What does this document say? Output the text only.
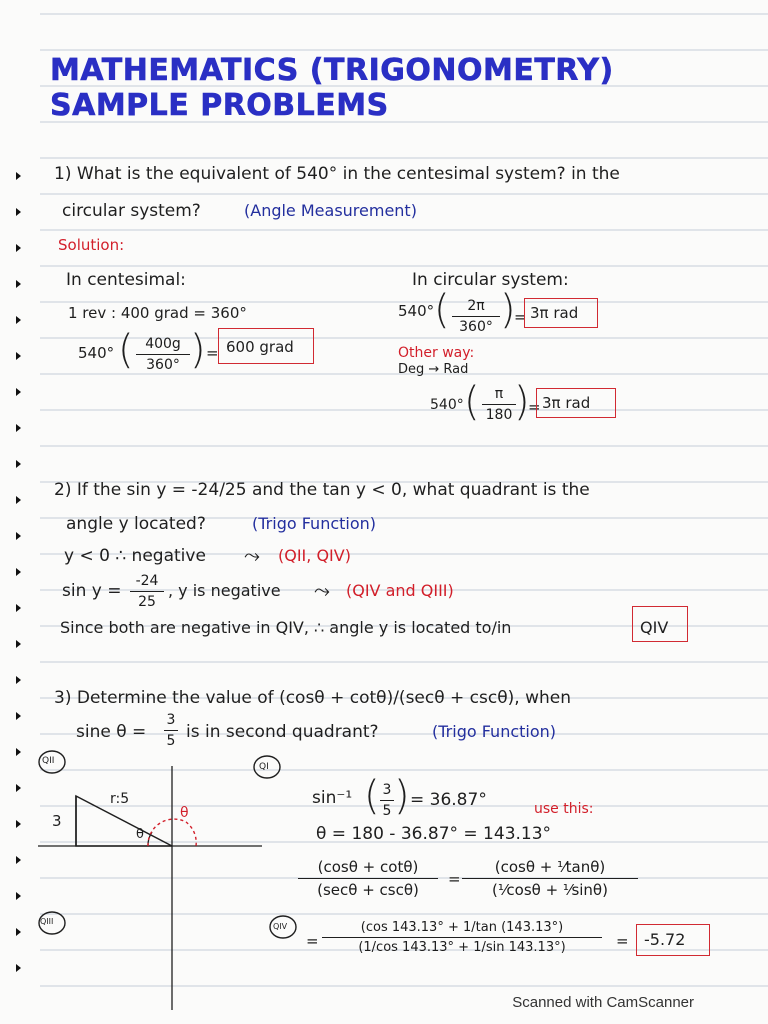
MATHEMATICS (TRIGONOMETRY)
SAMPLE PROBLEMS
1) What is the equivalent of 540° in the centesimal system? in the
circular system?	(Angle Measurement)
Solution:
In centesimal:
1 rev : 400 grad = 360°
540° ( 400g
360° ) = 600 grad
In circular system:
540° ( 2π
360° )
= 3π rad
Other way:
Deg → Rad
540° ( π
180 )
= 3π rad
2) If the sin y = -24/25 and the tan y < 0, what quadrant is the
angle y located?	(Trigo Function)
y < 0 ∴ negative ⤳ (QII, QIV)
sin y = -24
25
, y is negative ⤳ (QIV and QIII)
Since both are negative in QIV, ∴ angle y is located to/in	QIV
3) Determine the value of (cosθ + cotθ)/(secθ + cscθ), when
sine θ =
3
5 is in second quadrant?	(Trigo Function)
QII
QIII
r:5
3
θ
θ
QI
sin⁻¹ ( 3
5 ) = 36.87°	use this:
θ = 180 - 36.87° = 143.13°
(cosθ + cotθ)
(secθ + cscθ)
=
(cosθ + ¹⁄tanθ)
(¹⁄cosθ + ¹⁄sinθ)
QIV
=
(cos 143.13° + 1/tan (143.13°)
(1/cos 143.13° + 1/sin 143.13°)	= -5.72
Scanned with CamScanner
